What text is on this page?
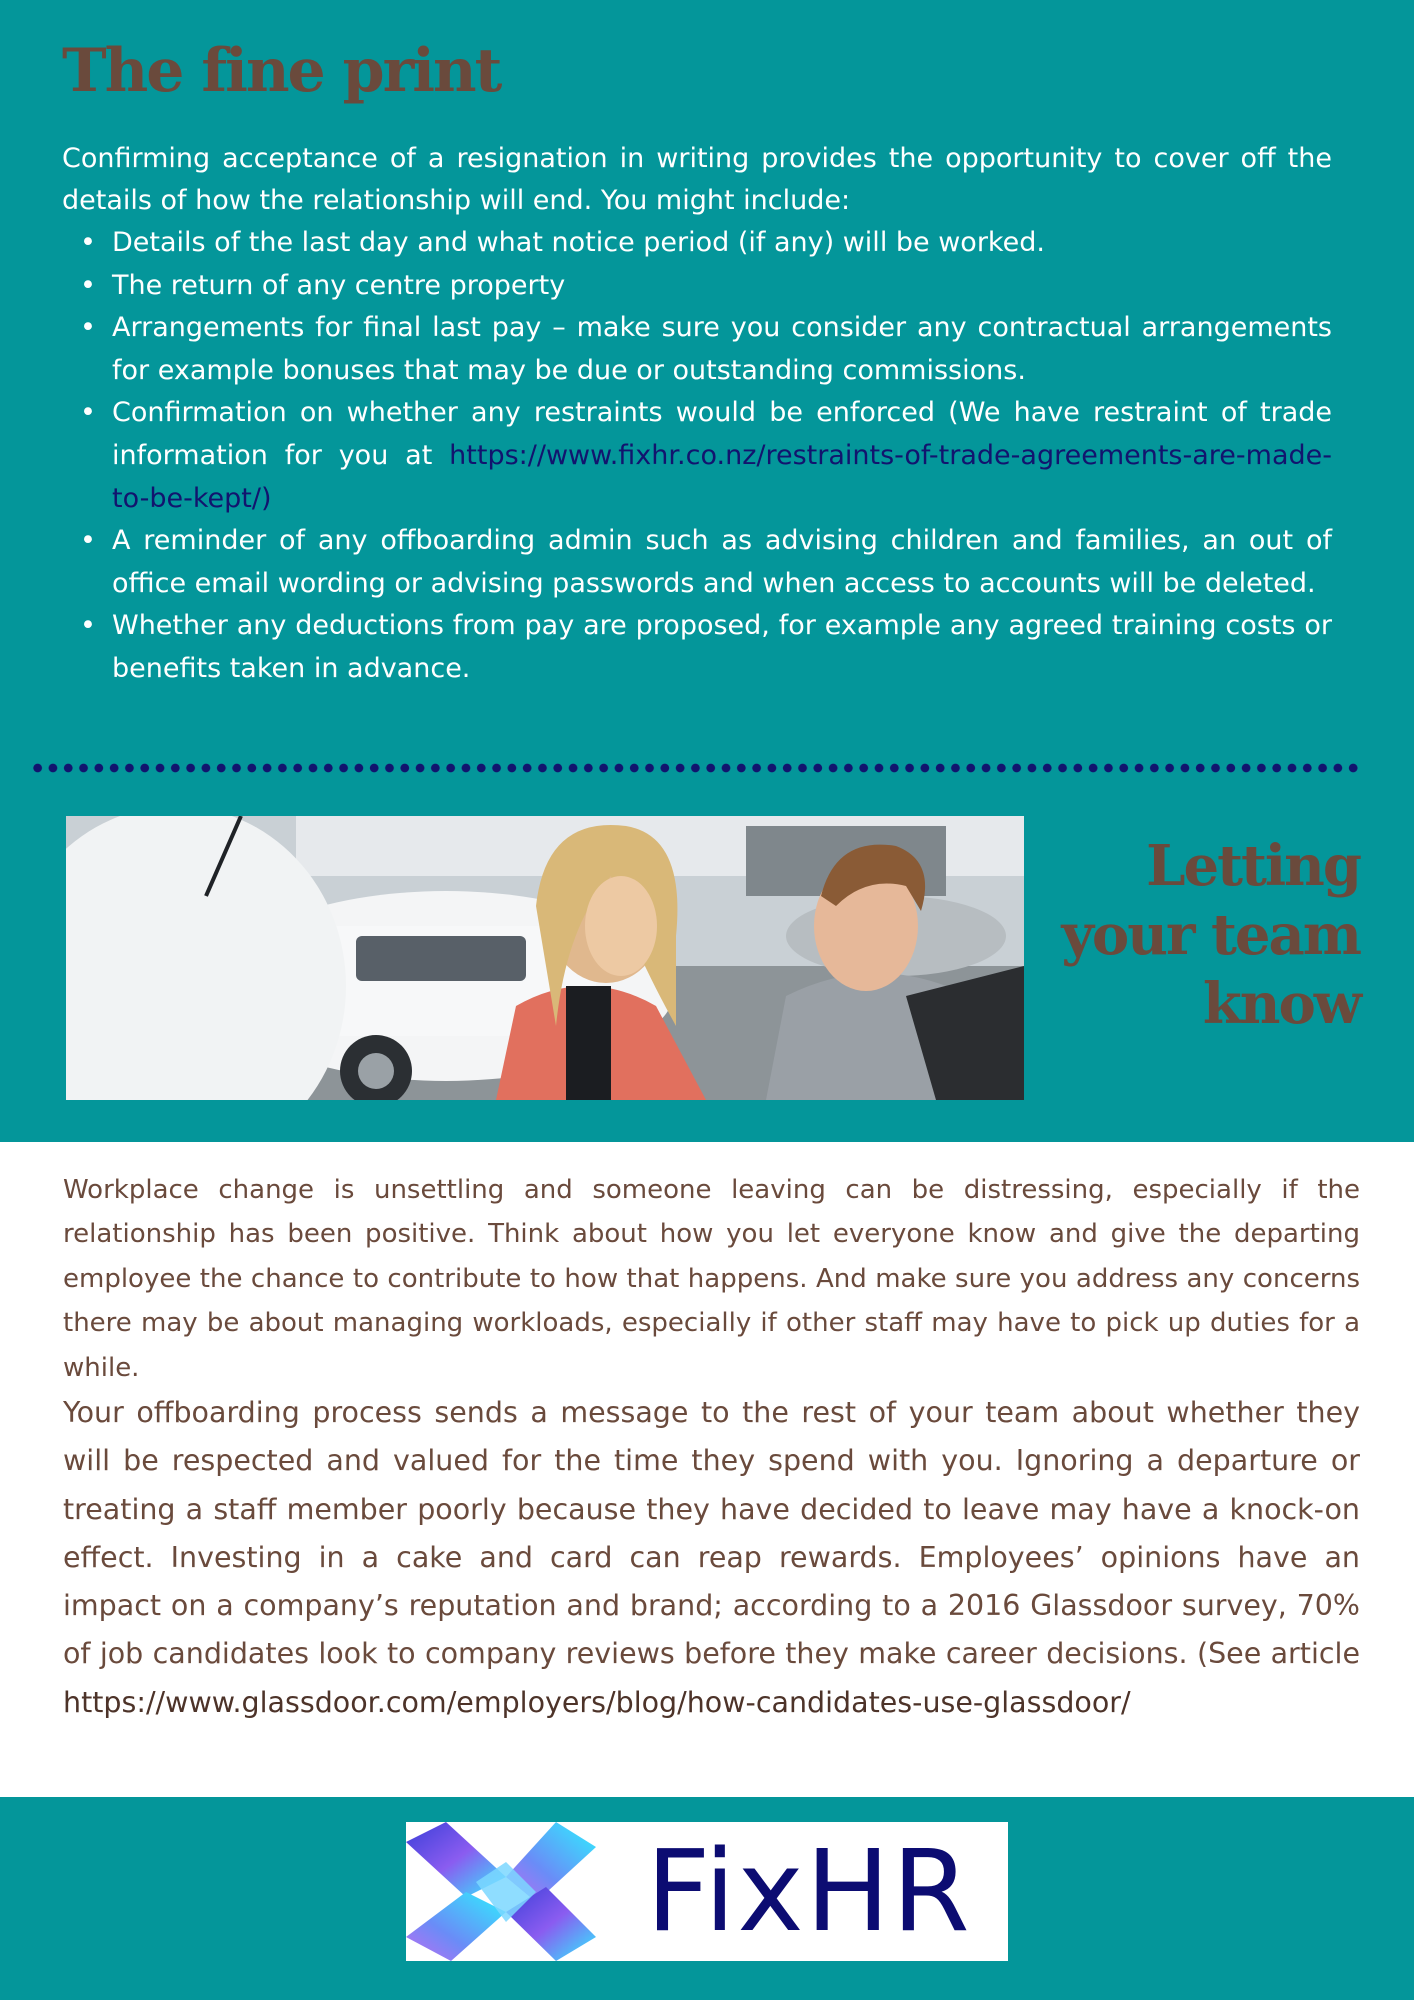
The fine print

Confirming acceptance of a resignation in writing provides the opportunity to cover off the details of how the relationship will end. You might include:

• Details of the last day and what notice period (if any) will be worked.
• The return of any centre property
• Arrangements for final last pay – make sure you consider any contractual arrangements for example bonuses that may be due or outstanding commissions.
• Confirmation on whether any restraints would be enforced (We have restraint of trade information for you at https://www.fixhr.co.nz/restraints-of-trade-agreements-are-made-to-be-kept/)
• A reminder of any offboarding admin such as advising children and families, an out of office email wording or advising passwords and when access to accounts will be deleted.
• Whether any deductions from pay are proposed, for example any agreed training costs or benefits taken in advance.
Letting
your team
know

Workplace change is unsettling and someone leaving can be distressing, especially if the relationship has been positive. Think about how you let everyone know and give the departing employee the chance to contribute to how that happens. And make sure you address any concerns there may be about managing workloads, especially if other staff may have to pick up duties for a while.

Your offboarding process sends a message to the rest of your team about whether they will be respected and valued for the time they spend with you. Ignoring a departure or treating a staff member poorly because they have decided to leave may have a knock-on effect. Investing in a cake and card can reap rewards. Employees’ opinions have an impact on a company’s reputation and brand; according to a 2016 Glassdoor survey, 70% of job candidates look to company reviews before they make career decisions. (See article https://www.glassdoor.com/employers/blog/how-candidates-use-glassdoor/

FixHR
